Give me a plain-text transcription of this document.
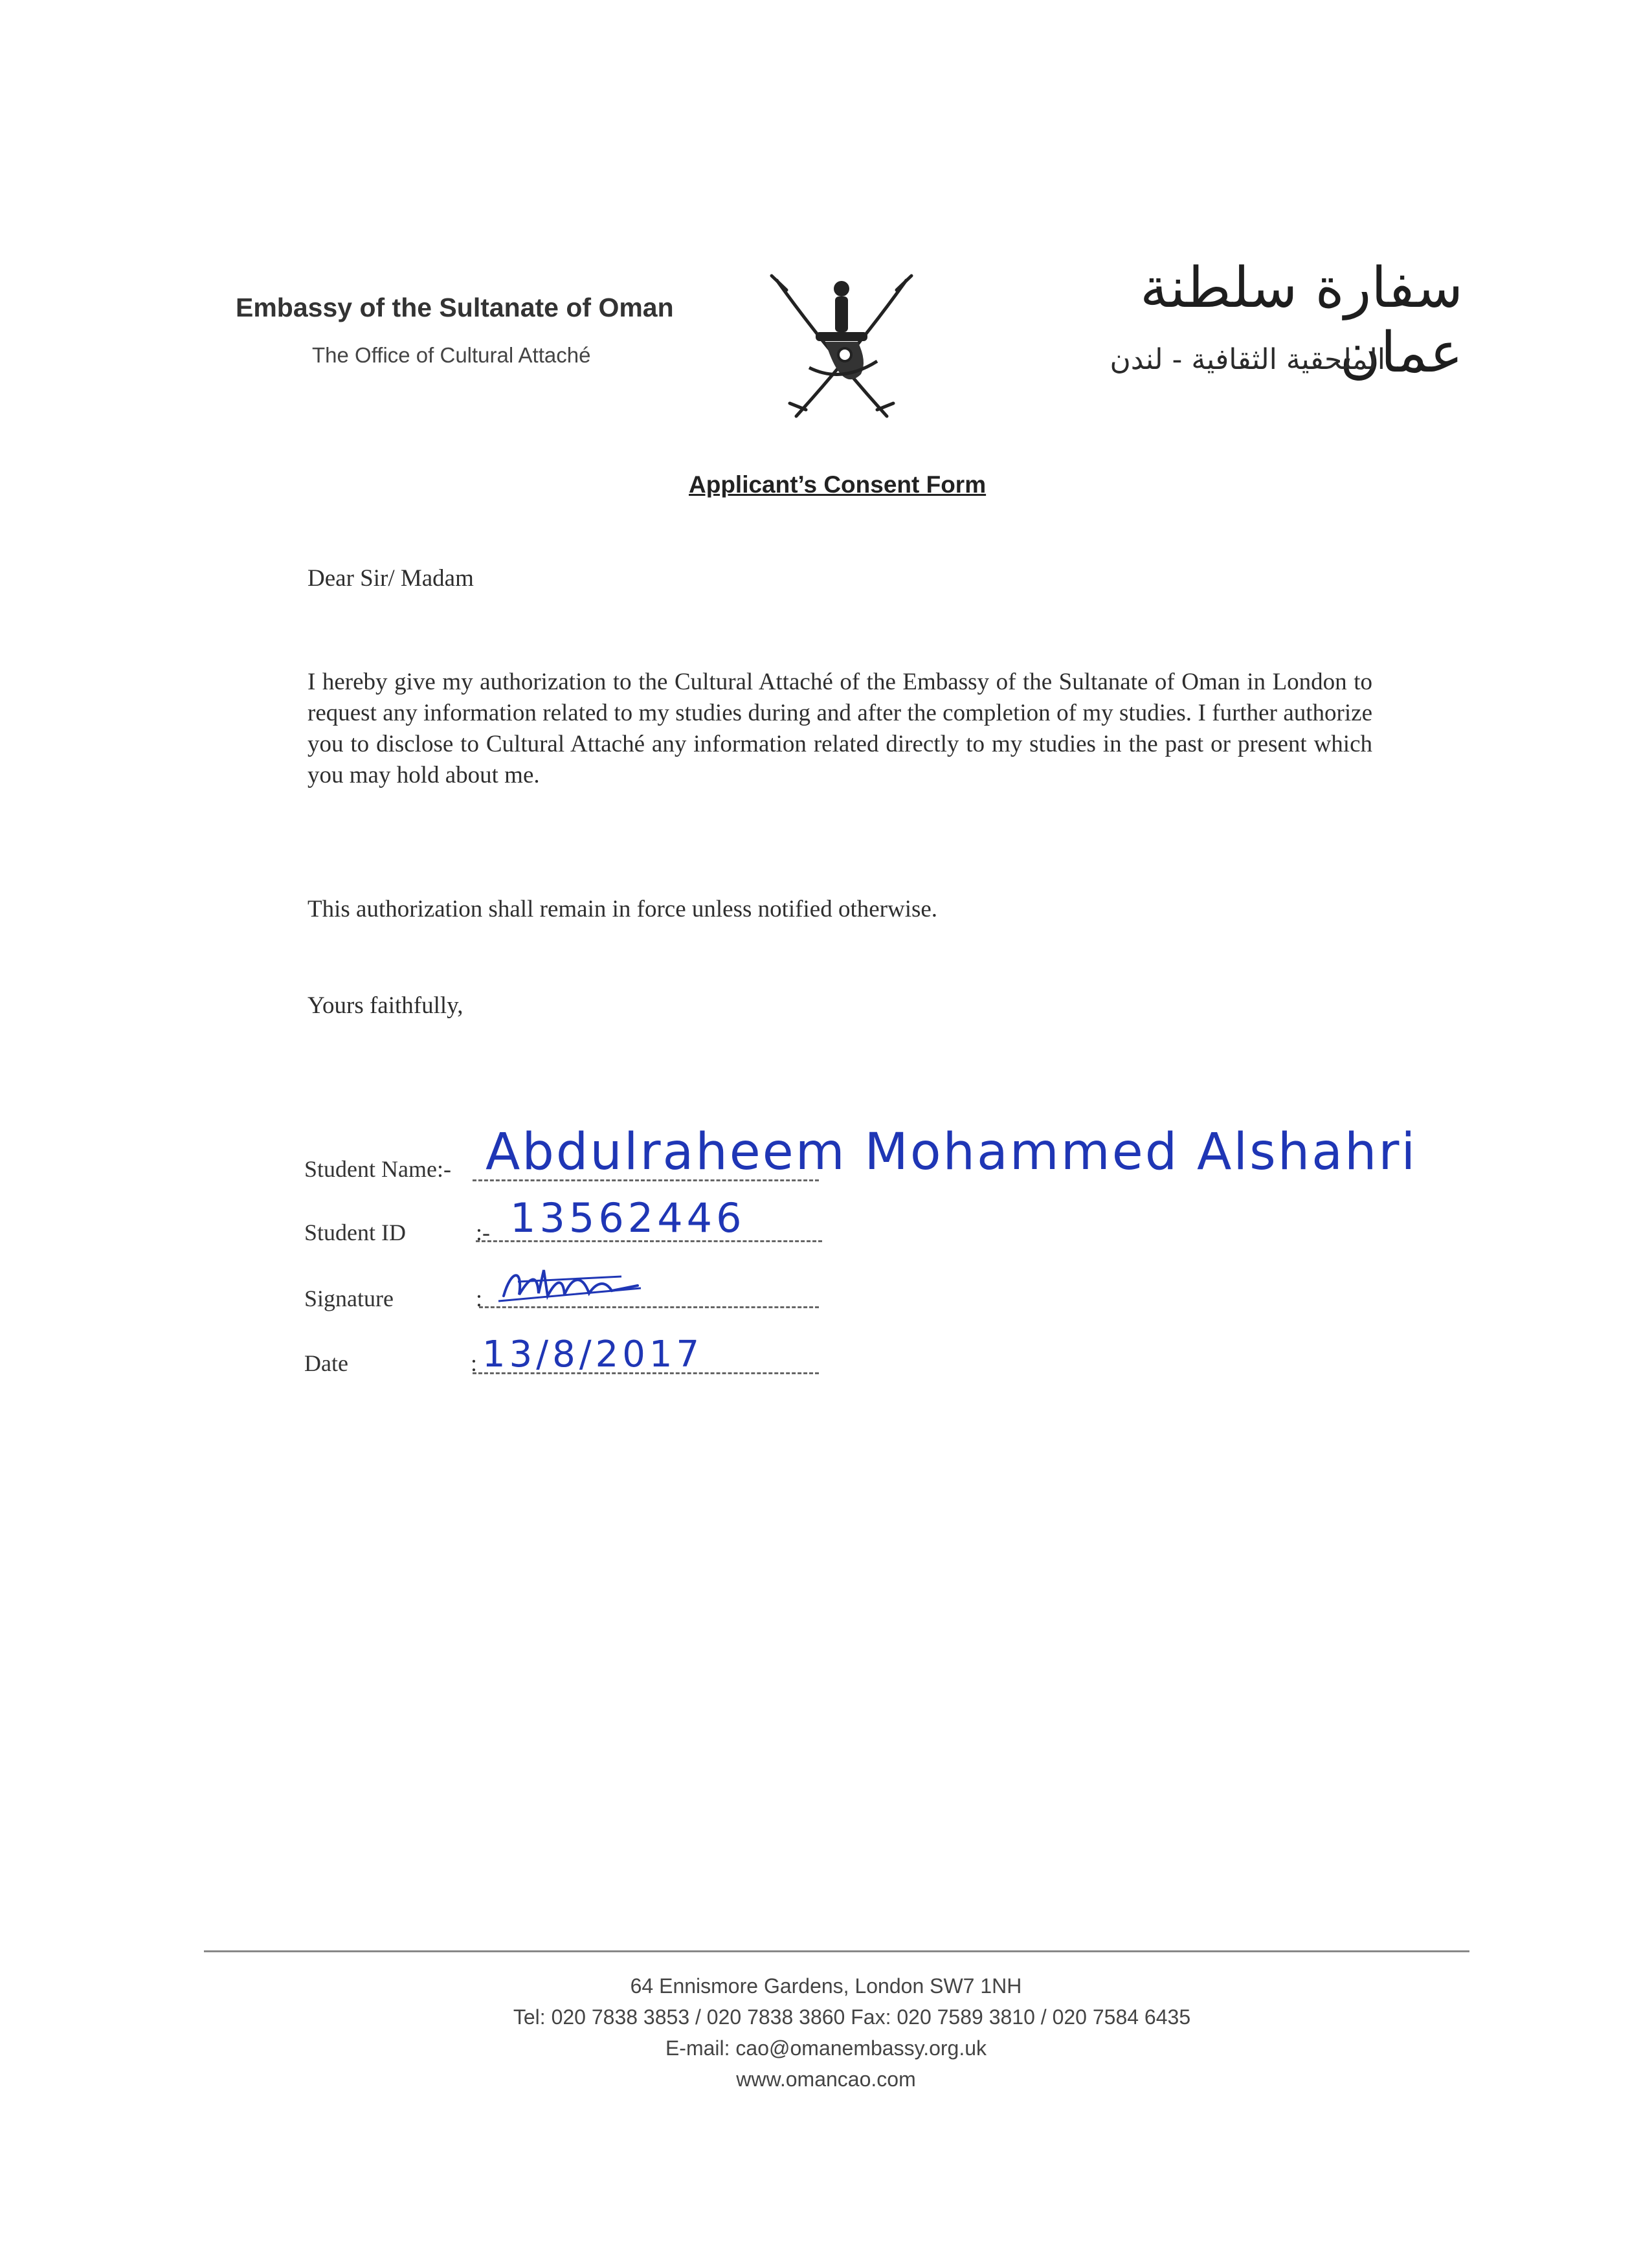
Embassy of the Sultanate of Oman
The Office of Cultural Attaché
سفارة سلطنة عمان
الملحقية الثقافية - لندن
Applicant’s Consent Form
Dear Sir/ Madam
I hereby give my authorization to the Cultural Attaché of the Embassy of the Sultanate of Oman in London to request any information related to my studies during and after the completion of my studies. I further authorize you to disclose to Cultural Attaché any information related directly to my studies in the past or present which you may hold about me.
This authorization shall remain in force unless notified otherwise.
Yours faithfully,
Student Name:- Abdulraheem Mohammed Alshahri
Student ID	:- 13562446
Signature	:
Date	: 13/8/2017
64 Ennismore Gardens, London SW7 1NH
Tel: 020 7838 3853 / 020 7838 3860 Fax: 020 7589 3810 / 020 7584 6435
E-mail: cao@omanembassy.org.uk
www.omancao.com
